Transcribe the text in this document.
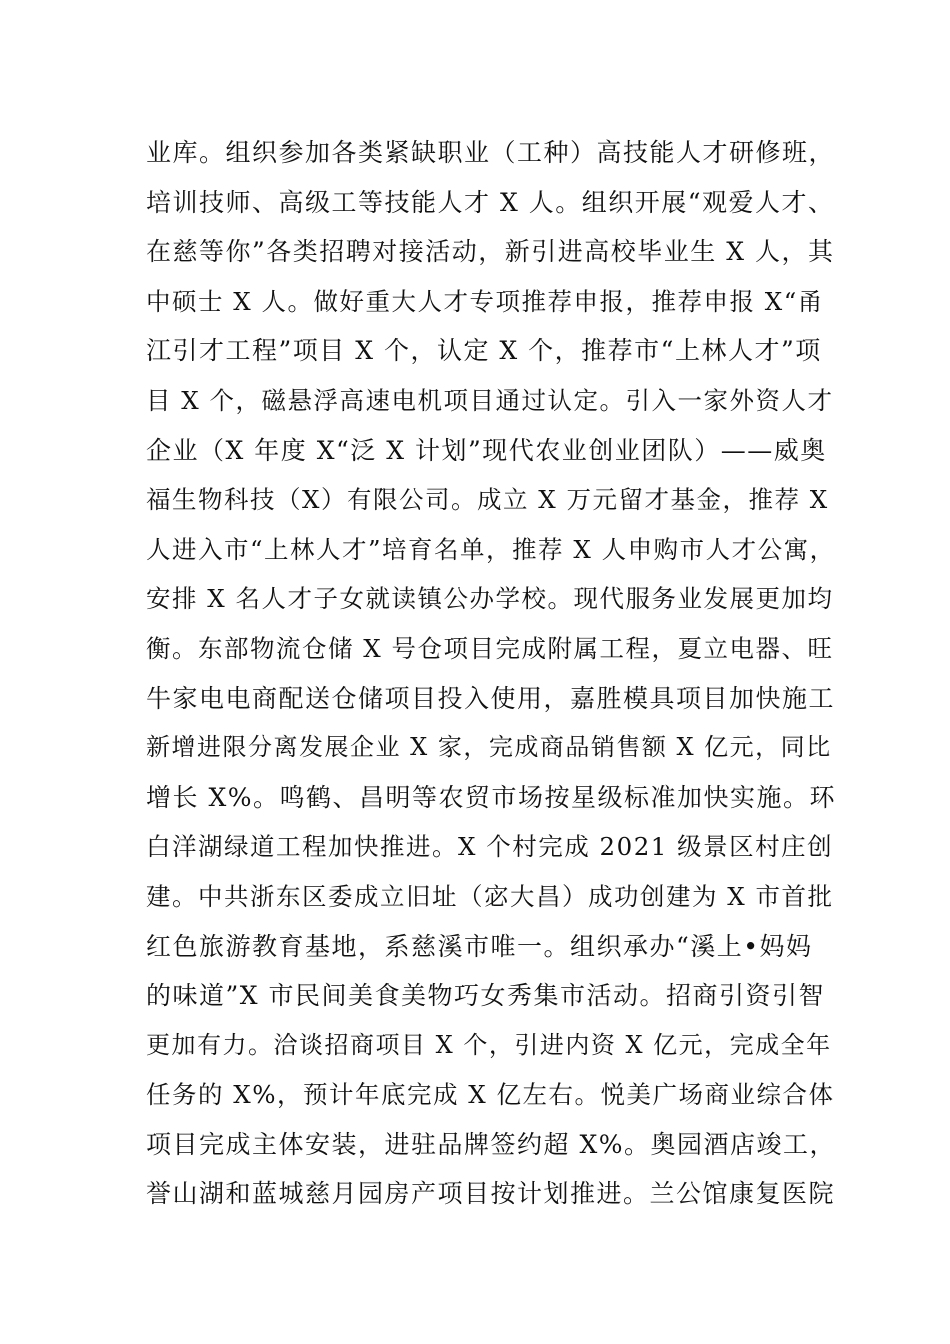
业库。组织参加各类紧缺职业（工种）高技能人才研修班，
培训技师、高级工等技能人才 X 人。组织开展“观爱人才、
在慈等你”各类招聘对接活动，新引进高校毕业生 X 人，其
中硕士 X 人。做好重大人才专项推荐申报，推荐申报 X“甬
江引才工程”项目 X 个，认定 X 个，推荐市“上林人才”项
目 X 个，磁悬浮高速电机项目通过认定。引入一家外资人才
企业（X 年度 X“泛 X 计划”现代农业创业团队）——威奥
福生物科技（X）有限公司。成立 X 万元留才基金，推荐 X
人进入市“上林人才”培育名单，推荐 X 人申购市人才公寓，
安排 X 名人才子女就读镇公办学校。现代服务业发展更加均
衡。东部物流仓储 X 号仓项目完成附属工程，夏立电器、旺
牛家电电商配送仓储项目投入使用，嘉胜模具项目加快施工
新增进限分离发展企业 X 家，完成商品销售额 X 亿元，同比
增长 X%。鸣鹤、昌明等农贸市场按星级标准加快实施。环
白洋湖绿道工程加快推进。X 个村完成 2021 级景区村庄创
建。中共浙东区委成立旧址（宓大昌）成功创建为 X 市首批
红色旅游教育基地，系慈溪市唯一。组织承办“溪上•妈妈
的味道”X 市民间美食美物巧女秀集市活动。招商引资引智
更加有力。洽谈招商项目 X 个，引进内资 X 亿元，完成全年
任务的 X%，预计年底完成 X 亿左右。悦美广场商业综合体
项目完成主体安装，进驻品牌签约超 X%。奥园酒店竣工，
誉山湖和蓝城慈月园房产项目按计划推进。兰公馆康复医院
